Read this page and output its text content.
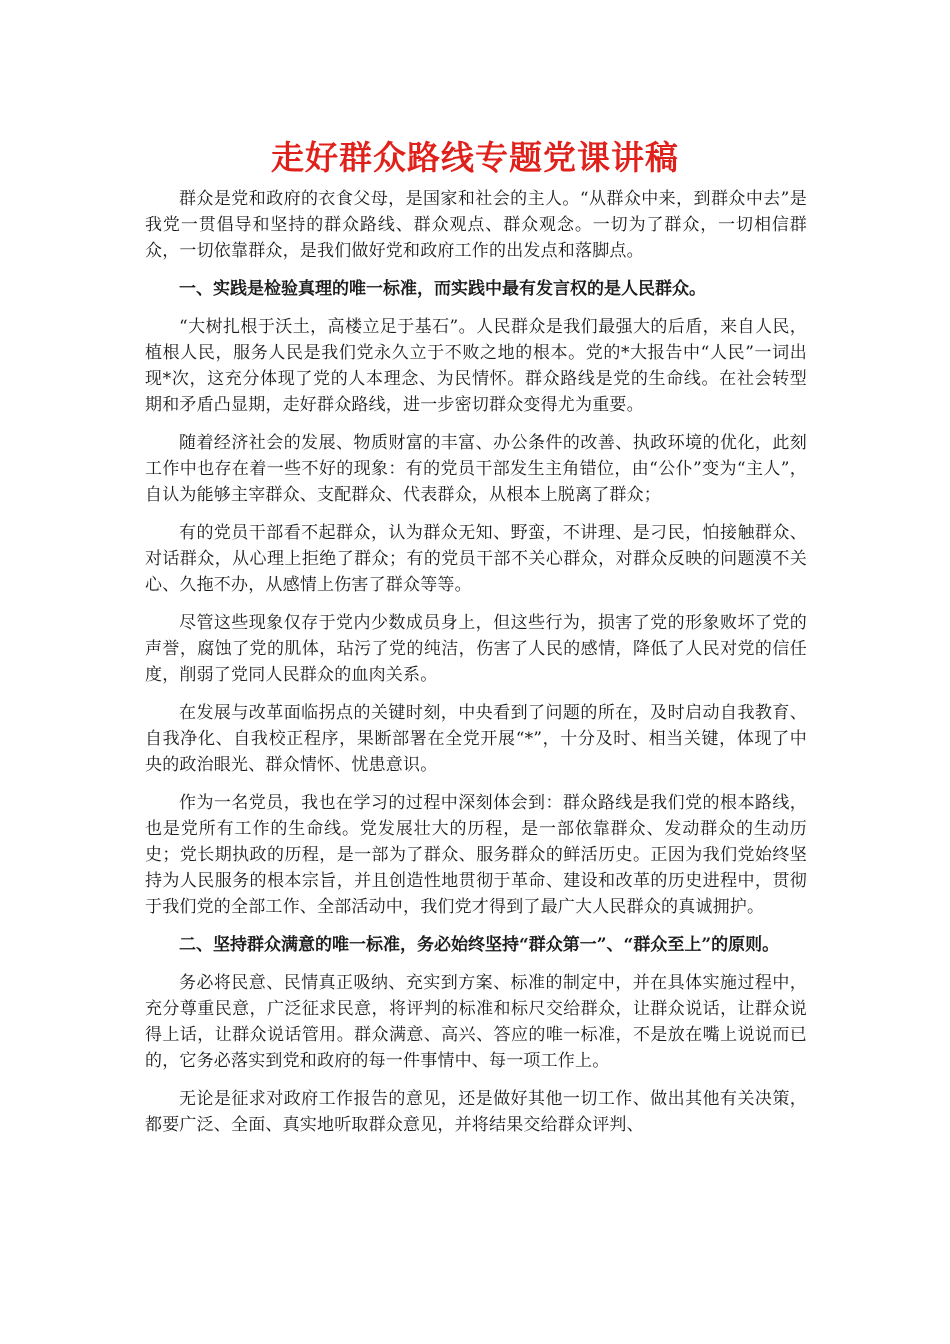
走好群众路线专题党课讲稿

群众是党和政府的衣食父母，是国家和社会的主人。“从群众中来，到群众中去”是我党一贯倡导和坚持的群众路线、群众观点、群众观念。一切为了群众，一切相信群众，一切依靠群众，是我们做好党和政府工作的出发点和落脚点。

一、实践是检验真理的唯一标准，而实践中最有发言权的是人民群众。

“大树扎根于沃土，高楼立足于基石”。人民群众是我们最强大的后盾，来自人民，植根人民，服务人民是我们党永久立于不败之地的根本。党的*大报告中“人民”一词出现*次，这充分体现了党的人本理念、为民情怀。群众路线是党的生命线。在社会转型期和矛盾凸显期，走好群众路线，进一步密切群众变得尤为重要。

随着经济社会的发展、物质财富的丰富、办公条件的改善、执政环境的优化，此刻工作中也存在着一些不好的现象：有的党员干部发生主角错位，由“公仆”变为“主人”，自认为能够主宰群众、支配群众、代表群众，从根本上脱离了群众；

有的党员干部看不起群众，认为群众无知、野蛮，不讲理、是刁民，怕接触群众、对话群众，从心理上拒绝了群众；有的党员干部不关心群众，对群众反映的问题漠不关心、久拖不办，从感情上伤害了群众等等。

尽管这些现象仅存于党内少数成员身上，但这些行为，损害了党的形象败坏了党的声誉，腐蚀了党的肌体，玷污了党的纯洁，伤害了人民的感情，降低了人民对党的信任度，削弱了党同人民群众的血肉关系。

在发展与改革面临拐点的关键时刻，中央看到了问题的所在，及时启动自我教育、自我净化、自我校正程序，果断部署在全党开展“*”，十分及时、相当关键，体现了中央的政治眼光、群众情怀、忧患意识。

作为一名党员，我也在学习的过程中深刻体会到：群众路线是我们党的根本路线，也是党所有工作的生命线。党发展壮大的历程，是一部依靠群众、发动群众的生动历史；党长期执政的历程，是一部为了群众、服务群众的鲜活历史。正因为我们党始终坚持为人民服务的根本宗旨，并且创造性地贯彻于革命、建设和改革的历史进程中，贯彻于我们党的全部工作、全部活动中，我们党才得到了最广大人民群众的真诚拥护。

二、坚持群众满意的唯一标准，务必始终坚持“群众第一”、“群众至上”的原则。

务必将民意、民情真正吸纳、充实到方案、标准的制定中，并在具体实施过程中，充分尊重民意，广泛征求民意，将评判的标准和标尺交给群众，让群众说话，让群众说得上话，让群众说话管用。群众满意、高兴、答应的唯一标准，不是放在嘴上说说而已的，它务必落实到党和政府的每一件事情中、每一项工作上。

无论是征求对政府工作报告的意见，还是做好其他一切工作、做出其他有关决策，都要广泛、全面、真实地听取群众意见，并将结果交给群众评判、
